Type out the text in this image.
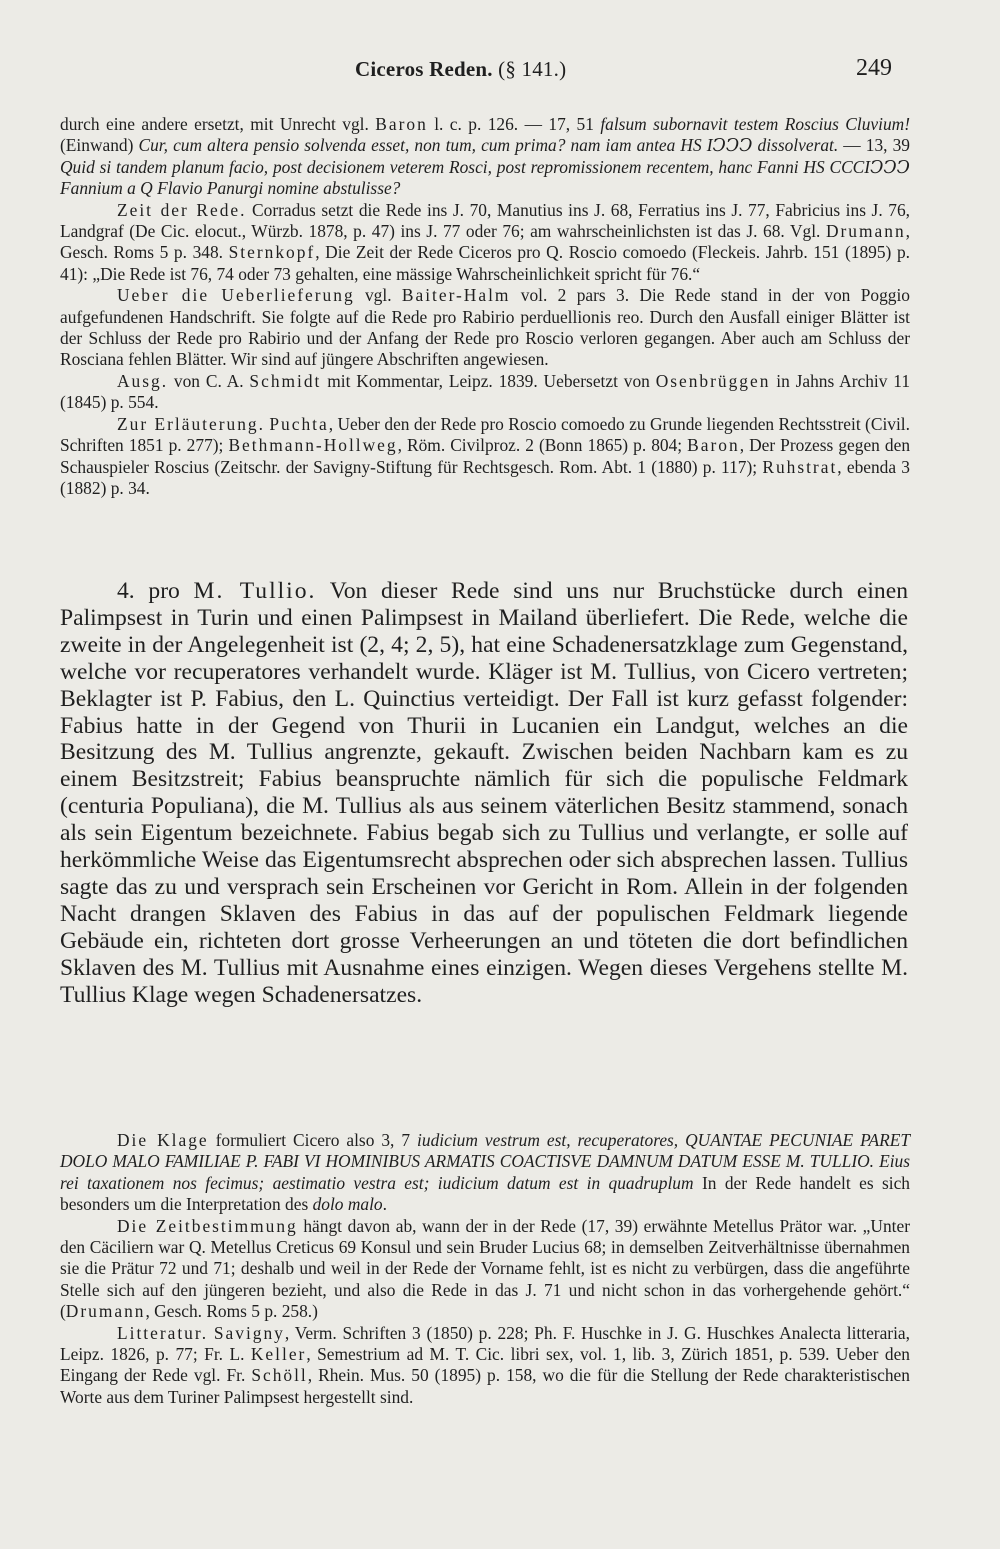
Ciceros Reden. (§ 141.)	249

durch eine andere ersetzt, mit Unrecht vgl. Baron l. c. p. 126. — 17, 51 falsum subornavit testem Roscius Cluvium! (Einwand) Cur, cum altera pensio solvenda esset, non tum, cum prima? nam iam antea HS IↃↃↃ dissolverat. — 13, 39 Quid si tandem planum facio, post decisionem veterem Rosci, post repromissionem recentem, hanc Fanni HS CCCIↃↃↃ Fannium a Q Flavio Panurgi nomine abstulisse?

Zeit der Rede. Corradus setzt die Rede ins J. 70, Manutius ins J. 68, Ferratius ins J. 77, Fabricius ins J. 76, Landgraf (De Cic. elocut., Würzb. 1878, p. 47) ins J. 77 oder 76; am wahrscheinlichsten ist das J. 68. Vgl. Drumann, Gesch. Roms 5 p. 348. Sternkopf, Die Zeit der Rede Ciceros pro Q. Roscio comoedo (Fleckeis. Jahrb. 151 (1895) p. 41): „Die Rede ist 76, 74 oder 73 gehalten, eine mässige Wahrscheinlichkeit spricht für 76.“

Ueber die Ueberlieferung vgl. Baiter-Halm vol. 2 pars 3. Die Rede stand in der von Poggio aufgefundenen Handschrift. Sie folgte auf die Rede pro Rabirio perduellionis reo. Durch den Ausfall einiger Blätter ist der Schluss der Rede pro Rabirio und der Anfang der Rede pro Roscio verloren gegangen. Aber auch am Schluss der Rosciana fehlen Blätter. Wir sind auf jüngere Abschriften angewiesen.

Ausg. von C. A. Schmidt mit Kommentar, Leipz. 1839. Uebersetzt von Osenbrüggen in Jahns Archiv 11 (1845) p. 554.

Zur Erläuterung. Puchta, Ueber den der Rede pro Roscio comoedo zu Grunde liegenden Rechtsstreit (Civil. Schriften 1851 p. 277); Bethmann-Hollweg, Röm. Civilproz. 2 (Bonn 1865) p. 804; Baron, Der Prozess gegen den Schauspieler Roscius (Zeitschr. der Savigny-Stiftung für Rechtsgesch. Rom. Abt. 1 (1880) p. 117); Ruhstrat, ebenda 3 (1882) p. 34.

4. pro M. Tullio. Von dieser Rede sind uns nur Bruchstücke durch einen Palimpsest in Turin und einen Palimpsest in Mailand überliefert. Die Rede, welche die zweite in der Angelegenheit ist (2, 4; 2, 5), hat eine Schadenersatzklage zum Gegenstand, welche vor recuperatores verhandelt wurde. Kläger ist M. Tullius, von Cicero vertreten; Beklagter ist P. Fabius, den L. Quinctius verteidigt. Der Fall ist kurz gefasst folgender: Fabius hatte in der Gegend von Thurii in Lucanien ein Landgut, welches an die Besitzung des M. Tullius angrenzte, gekauft. Zwischen beiden Nachbarn kam es zu einem Besitzstreit; Fabius beanspruchte nämlich für sich die populische Feldmark (centuria Populiana), die M. Tullius als aus seinem väterlichen Besitz stammend, sonach als sein Eigentum bezeichnete. Fabius begab sich zu Tullius und verlangte, er solle auf herkömmliche Weise das Eigentumsrecht absprechen oder sich absprechen lassen. Tullius sagte das zu und versprach sein Erscheinen vor Gericht in Rom. Allein in der folgenden Nacht drangen Sklaven des Fabius in das auf der populischen Feldmark liegende Gebäude ein, richteten dort grosse Verheerungen an und töteten die dort befindlichen Sklaven des M. Tullius mit Ausnahme eines einzigen. Wegen dieses Vergehens stellte M. Tullius Klage wegen Schadenersatzes.

Die Klage formuliert Cicero also 3, 7 iudicium vestrum est, recuperatores, QUANTAE PECUNIAE PARET DOLO MALO FAMILIAE P. FABI VI HOMINIBUS ARMATIS COACTISVE DAMNUM DATUM ESSE M. TULLIO. Eius rei taxationem nos fecimus; aestimatio vestra est; iudicium datum est in quadruplum In der Rede handelt es sich besonders um die Interpretation des dolo malo.

Die Zeitbestimmung hängt davon ab, wann der in der Rede (17, 39) erwähnte Metellus Prätor war. „Unter den Cäciliern war Q. Metellus Creticus 69 Konsul und sein Bruder Lucius 68; in demselben Zeitverhältnisse übernahmen sie die Prätur 72 und 71; deshalb und weil in der Rede der Vorname fehlt, ist es nicht zu verbürgen, dass die angeführte Stelle sich auf den jüngeren bezieht, und also die Rede in das J. 71 und nicht schon in das vorhergehende gehört.“ (Drumann, Gesch. Roms 5 p. 258.)

Litteratur. Savigny, Verm. Schriften 3 (1850) p. 228; Ph. F. Huschke in J. G. Huschkes Analecta litteraria, Leipz. 1826, p. 77; Fr. L. Keller, Semestrium ad M. T. Cic. libri sex, vol. 1, lib. 3, Zürich 1851, p. 539. Ueber den Eingang der Rede vgl. Fr. Schöll, Rhein. Mus. 50 (1895) p. 158, wo die für die Stellung der Rede charakteristischen Worte aus dem Turiner Palimpsest hergestellt sind.
